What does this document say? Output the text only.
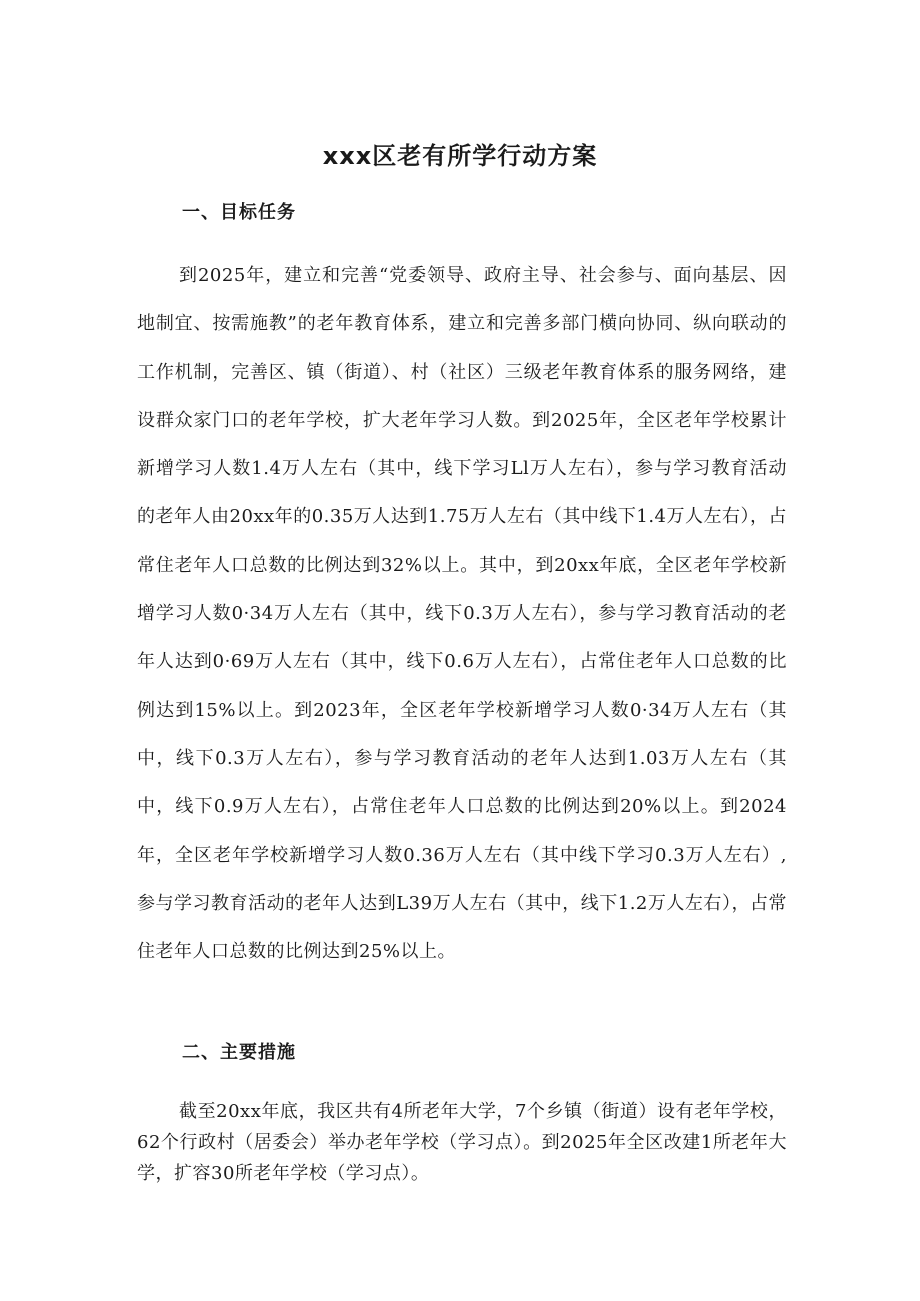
xxx区老有所学行动方案
一、目标任务

到2025年，建立和完善“党委领导、政府主导、社会参与、面向基层、因地制宜、按需施教”的老年教育体系，建立和完善多部门横向协同、纵向联动的工作机制，完善区、镇（街道）、村（社区）三级老年教育体系的服务网络，建设群众家门口的老年学校，扩大老年学习人数。到2025年，全区老年学校累计新增学习人数1.4万人左右（其中，线下学习Ll万人左右），参与学习教育活动的老年人由20xx年的0.35万人达到1.75万人左右（其中线下1.4万人左右），占常住老年人口总数的比例达到32%以上。其中，到20xx年底，全区老年学校新增学习人数0·34万人左右（其中，线下0.3万人左右），参与学习教育活动的老年人达到0·69万人左右（其中，线下0.6万人左右），占常住老年人口总数的比例达到15%以上。到2023年，全区老年学校新增学习人数0·34万人左右（其中，线下0.3万人左右），参与学习教育活动的老年人达到1.03万人左右（其中，线下0.9万人左右），占常住老年人口总数的比例达到20%以上。到2024年，全区老年学校新增学习人数0.36万人左右（其中线下学习0.3万人左右）,参与学习教育活动的老年人达到L39万人左右（其中，线下1.2万人左右），占常住老年人口总数的比例达到25%以上。

二、主要措施

截至20xx年底，我区共有4所老年大学，7个乡镇（街道）设有老年学校，62个行政村（居委会）举办老年学校（学习点）。到2025年全区改建1所老年大学，扩容30所老年学校（学习点）。
